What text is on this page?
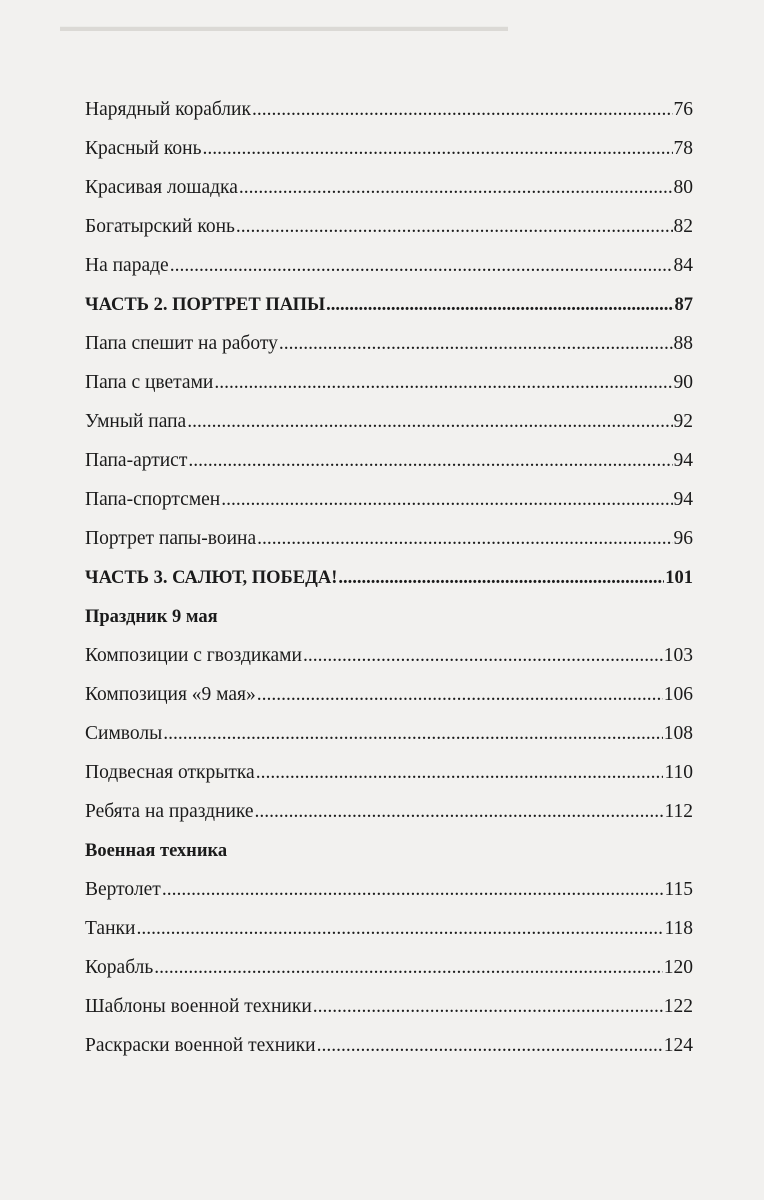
▬▬▬▬▬▬▬▬▬▬▬▬▬▬▬▬▬▬▬▬▬▬▬▬▬▬▬▬▬▬▬▬
Нарядный кораблик .....	76
Красный конь .....	78
Красивая лошадка .....	80
Богатырский конь .....	82
На параде .....	84
ЧАСТЬ 2. ПОРТРЕТ ПАПЫ .....	87
Папа спешит на работу .....	88
Папа с цветами .....	90
Умный папа .....	92
Папа-артист .....	94
Папа-спортсмен .....	94
Портрет папы-воина .....	96
ЧАСТЬ 3. САЛЮТ, ПОБЕДА! .....	101
Праздник 9 мая
Композиции с гвоздиками .....	103
Композиция «9 мая» .....	106
Символы .....	108
Подвесная открытка .....	110
Ребята на празднике .....	112
Военная техника
Вертолет .....	115
Танки .....	118
Корабль .....	120
Шаблоны военной техники .....	122
Раскраски военной техники .....	124
